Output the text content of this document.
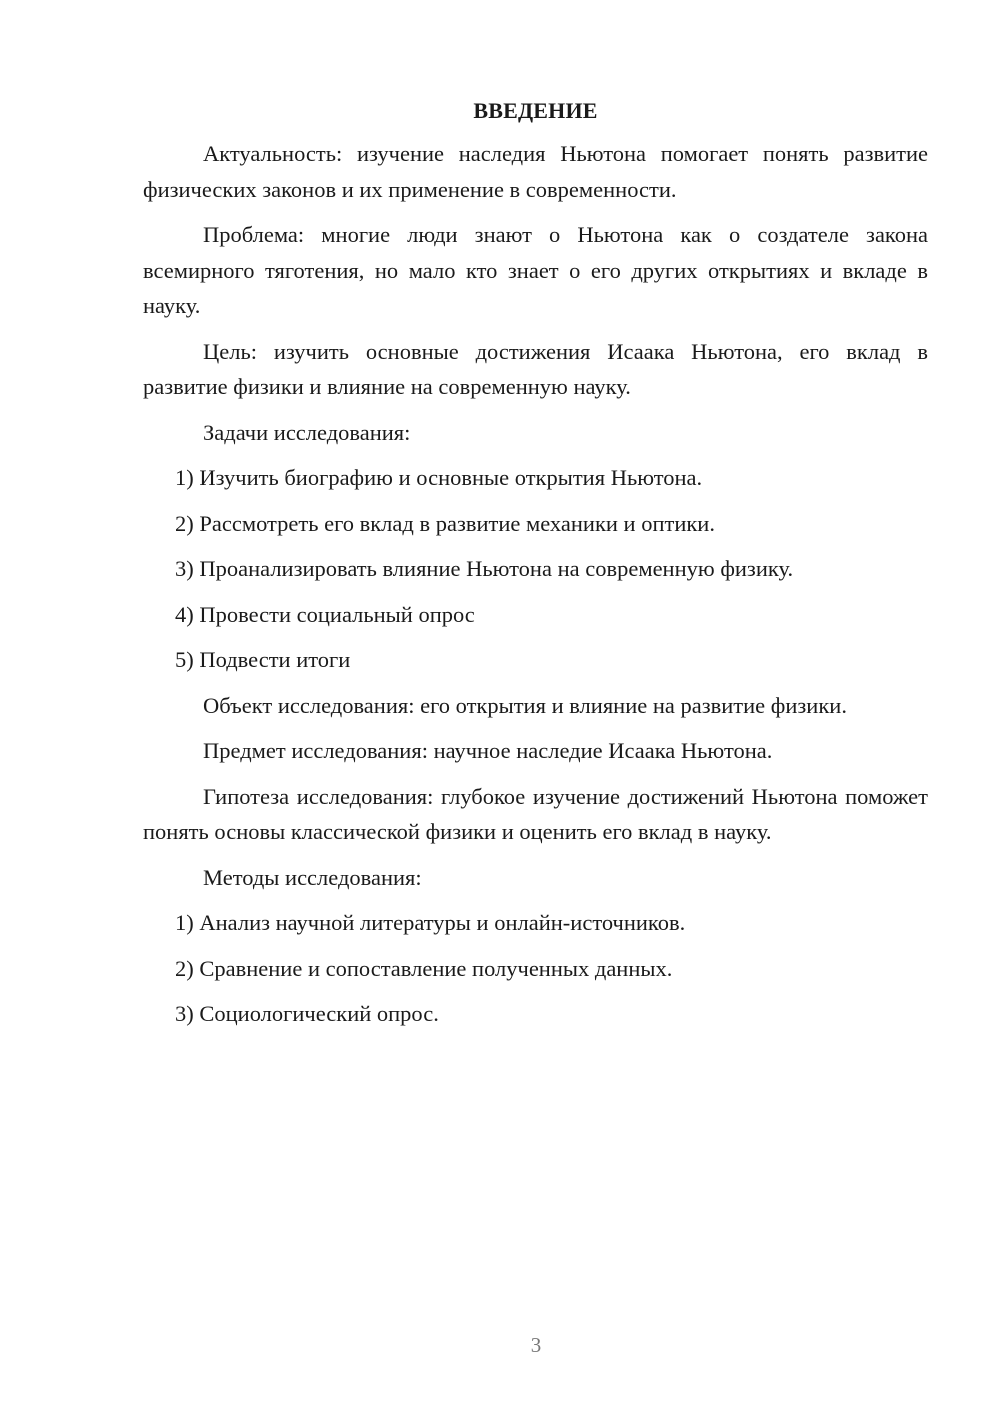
ВВЕДЕНИЕ

Актуальность: изучение наследия Ньютона помогает понять развитие физических законов и их применение в современности.

Проблема: многие люди знают о Ньютона как о создателе закона всемирного тяготения, но мало кто знает о его других открытиях и вкладе в науку.

Цель: изучить основные достижения Исаака Ньютона, его вклад в развитие физики и влияние на современную науку.

Задачи исследования:

1) Изучить биографию и основные открытия Ньютона.
2) Рассмотреть его вклад в развитие механики и оптики.
3) Проанализировать влияние Ньютона на современную физику.
4) Провести социальный опрос
5) Подвести итоги

Объект исследования: его открытия и влияние на развитие физики.

Предмет исследования: научное наследие Исаака Ньютона.

Гипотеза исследования: глубокое изучение достижений Ньютона поможет понять основы классической физики и оценить его вклад в науку.

Методы исследования:

1) Анализ научной литературы и онлайн-источников.
2) Сравнение и сопоставление полученных данных.
3) Социологический опрос.
3
